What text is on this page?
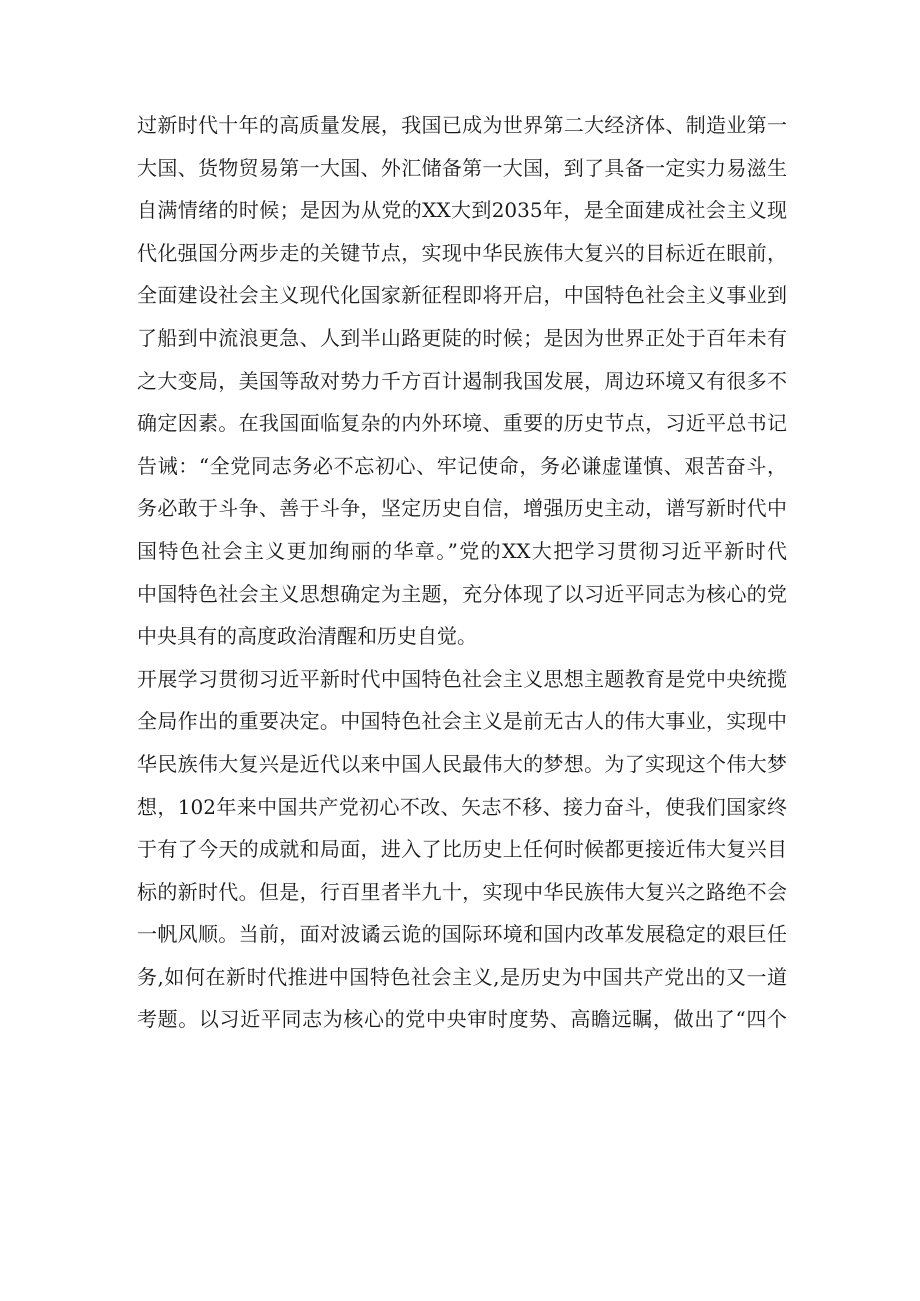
过新时代十年的高质量发展，我国已成为世界第二大经济体、制造业第一
大国、货物贸易第一大国、外汇储备第一大国，到了具备一定实力易滋生
自满情绪的时候；是因为从党的XX大到2035年，是全面建成社会主义现
代化强国分两步走的关键节点，实现中华民族伟大复兴的目标近在眼前，
全面建设社会主义现代化国家新征程即将开启，中国特色社会主义事业到
了船到中流浪更急、人到半山路更陡的时候；是因为世界正处于百年未有
之大变局，美国等敌对势力千方百计遏制我国发展，周边环境又有很多不
确定因素。在我国面临复杂的内外环境、重要的历史节点，习近平总书记
告诫：“全党同志务必不忘初心、牢记使命，务必谦虚谨慎、艰苦奋斗，
务必敢于斗争、善于斗争，坚定历史自信，增强历史主动，谱写新时代中
国特色社会主义更加绚丽的华章。”党的XX大把学习贯彻习近平新时代
中国特色社会主义思想确定为主题，充分体现了以习近平同志为核心的党
中央具有的高度政治清醒和历史自觉。
开展学习贯彻习近平新时代中国特色社会主义思想主题教育是党中央统揽
全局作出的重要决定。中国特色社会主义是前无古人的伟大事业，实现中
华民族伟大复兴是近代以来中国人民最伟大的梦想。为了实现这个伟大梦
想，102年来中国共产党初心不改、矢志不移、接力奋斗，使我们国家终
于有了今天的成就和局面，进入了比历史上任何时候都更接近伟大复兴目
标的新时代。但是，行百里者半九十，实现中华民族伟大复兴之路绝不会
一帆风顺。当前，面对波谲云诡的国际环境和国内改革发展稳定的艰巨任
务,如何在新时代推进中国特色社会主义,是历史为中国共产党出的又一道
考题。以习近平同志为核心的党中央审时度势、高瞻远瞩，做出了“四个
